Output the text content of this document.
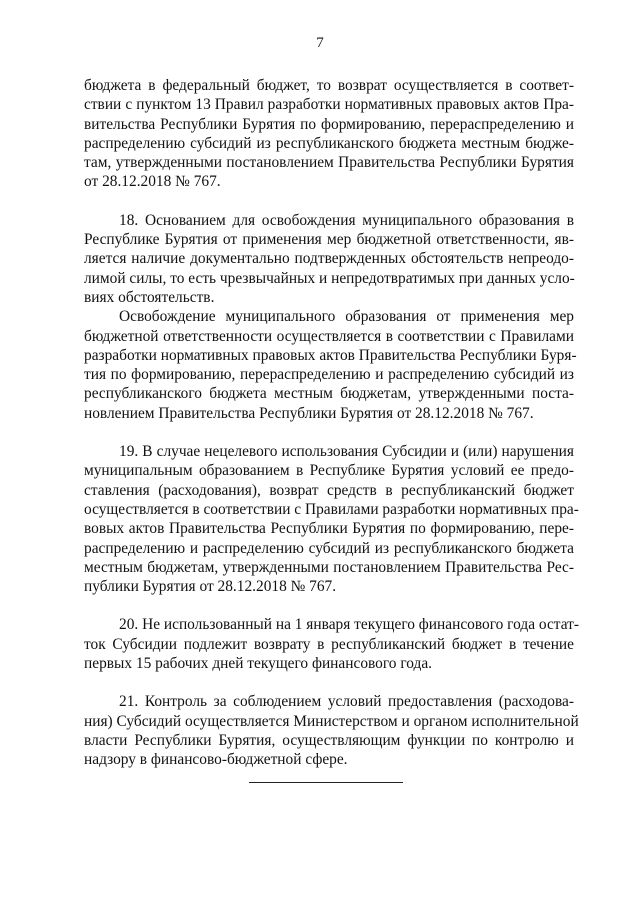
7

бюджета в федеральный бюджет, то возврат осуществляется в соответ-
ствии с пунктом 13 Правил разработки нормативных правовых актов Пра-
вительства Республики Бурятия по формированию, перераспределению и
распределению субсидий из республиканского бюджета местным бюдже-
там, утвержденными постановлением Правительства Республики Бурятия
от 28.12.2018 № 767.

18. Основанием для освобождения муниципального образования в
Республике Бурятия от применения мер бюджетной ответственности, яв-
ляется наличие документально подтвержденных обстоятельств непреодо-
лимой силы, то есть чрезвычайных и непредотвратимых при данных усло-
виях обстоятельств.

Освобождение муниципального образования от применения мер
бюджетной ответственности осуществляется в соответствии с Правилами
разработки нормативных правовых актов Правительства Республики Буря-
тия по формированию, перераспределению и распределению субсидий из
республиканского бюджета местным бюджетам, утвержденными поста-
новлением Правительства Республики Бурятия от 28.12.2018 № 767.

19. В случае нецелевого использования Субсидии и (или) нарушения
муниципальным образованием в Республике Бурятия условий ее предо-
ставления (расходования), возврат средств в республиканский бюджет
осуществляется в соответствии с Правилами разработки нормативных пра-
вовых актов Правительства Республики Бурятия по формированию, пере-
распределению и распределению субсидий из республиканского бюджета
местным бюджетам, утвержденными постановлением Правительства Рес-
публики Бурятия от 28.12.2018 № 767.

20. Не использованный на 1 января текущего финансового года остат-
ток Субсидии подлежит возврату в республиканский бюджет в течение
первых 15 рабочих дней текущего финансового года.

21. Контроль за соблюдением условий предоставления (расходова-
ния) Субсидий осуществляется Министерством и органом исполнительной
власти Республики Бурятия, осуществляющим функции по контролю и
надзору в финансово-бюджетной сфере.
